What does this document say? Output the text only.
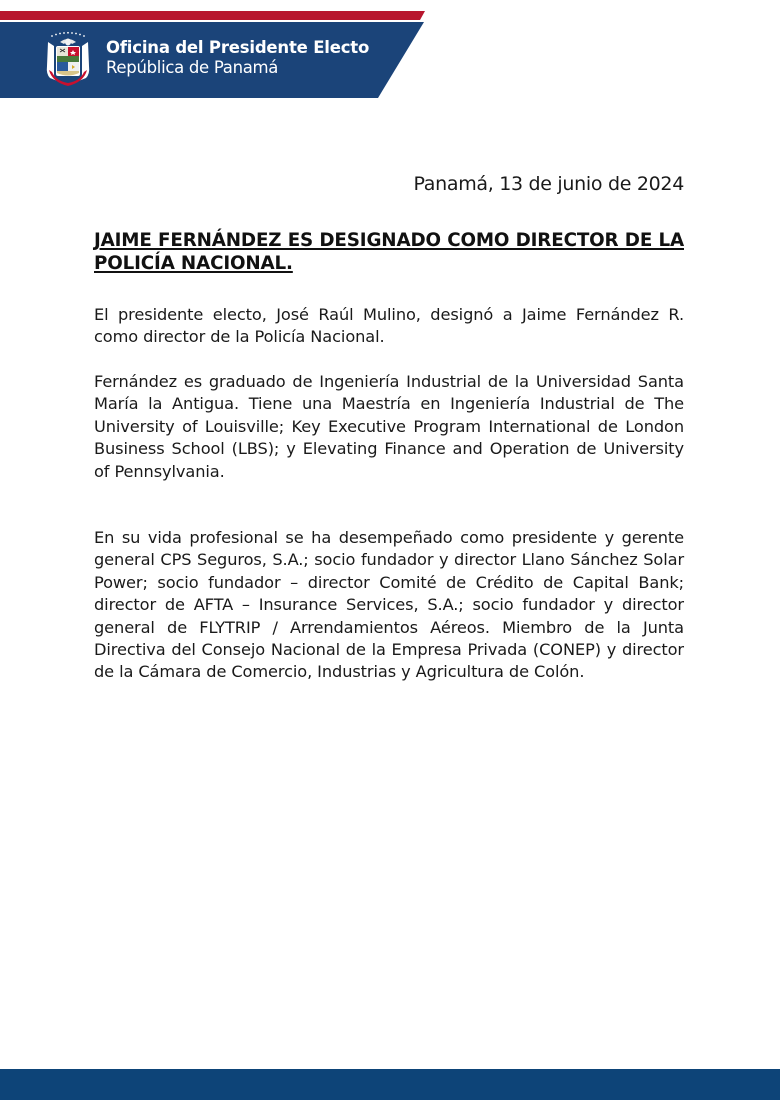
Oficina del Presidente Electo
República de Panamá
Panamá, 13 de junio de 2024
JAIME FERNÁNDEZ ES DESIGNADO COMO DIRECTOR DE LA POLICÍA NACIONAL.
El presidente electo, José Raúl Mulino, designó a Jaime Fernández R. como director de la Policía Nacional.
Fernández es graduado de Ingeniería Industrial de la Universidad Santa María la Antigua. Tiene una Maestría en Ingeniería Industrial de The University of Louisville; Key Executive Program International de London Business School (LBS); y Elevating Finance and Operation de University of Pennsylvania.
En su vida profesional se ha desempeñado como presidente y gerente general CPS Seguros, S.A.; socio fundador y director Llano Sánchez Solar Power; socio fundador – director Comité de Crédito de Capital Bank; director de AFTA – Insurance Services, S.A.; socio fundador y director general de FLYTRIP / Arrendamientos Aéreos. Miembro de la Junta Directiva del Consejo Nacional de la Empresa Privada (CONEP) y director de la Cámara de Comercio, Industrias y Agricultura de Colón.
